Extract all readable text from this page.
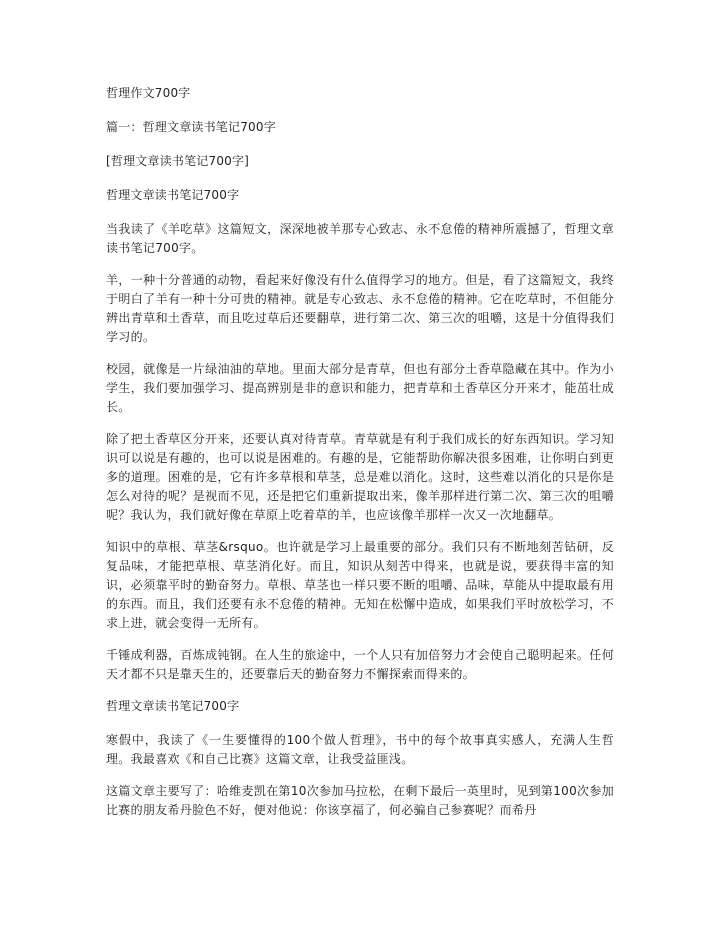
哲理作文700字

篇一：哲理文章读书笔记700字

[哲理文章读书笔记700字]

哲理文章读书笔记700字

当我读了《羊吃草》这篇短文，深深地被羊那专心致志、永不怠倦的精神所震撼了，哲理文章读书笔记700字。

羊，一种十分普通的动物，看起来好像没有什么值得学习的地方。但是，看了这篇短文，我终于明白了羊有一种十分可贵的精神。就是专心致志、永不怠倦的精神。它在吃草时，不但能分辨出青草和土香草，而且吃过草后还要翻草，进行第二次、第三次的咀嚼，这是十分值得我们学习的。

校园，就像是一片绿油油的草地。里面大部分是青草，但也有部分土香草隐藏在其中。作为小学生，我们要加强学习、提高辨别是非的意识和能力，把青草和土香草区分开来才，能茁壮成长。

除了把土香草区分开来，还要认真对待青草。青草就是有利于我们成长的好东西知识。学习知识可以说是有趣的，也可以说是困难的。有趣的是，它能帮助你解决很多困难，让你明白到更多的道理。困难的是，它有许多草根和草茎，总是难以消化。这时，这些难以消化的只是你是怎么对待的呢？是视而不见，还是把它们重新提取出来，像羊那样进行第二次、第三次的咀嚼呢？我认为，我们就好像在草原上吃着草的羊，也应该像羊那样一次又一次地翻草。

知识中的草根、草茎&rsquo。也许就是学习上最重要的部分。我们只有不断地刻苦钻研，反复品味，才能把草根、草茎消化好。而且，知识从刻苦中得来，也就是说，要获得丰富的知识，必须靠平时的勤奋努力。草根、草茎也一样只要不断的咀嚼、品味，草能从中提取最有用的东西。而且，我们还要有永不怠倦的精神。无知在松懈中造成，如果我们平时放松学习，不求上进，就会变得一无所有。

千锤成利器，百炼成钝钢。在人生的旅途中，一个人只有加倍努力才会使自己聪明起来。任何天才都不只是靠天生的，还要靠后天的勤奋努力不懈探索而得来的。

哲理文章读书笔记700字

寒假中，我读了《一生要懂得的100个做人哲理》，书中的每个故事真实感人，充满人生哲理。我最喜欢《和自己比赛》这篇文章，让我受益匪浅。

这篇文章主要写了：哈维麦凯在第10次参加马拉松，在剩下最后一英里时，见到第100次参加比赛的朋友希丹脸色不好，便对他说：你该享福了，何必骗自己参赛呢？而希丹
